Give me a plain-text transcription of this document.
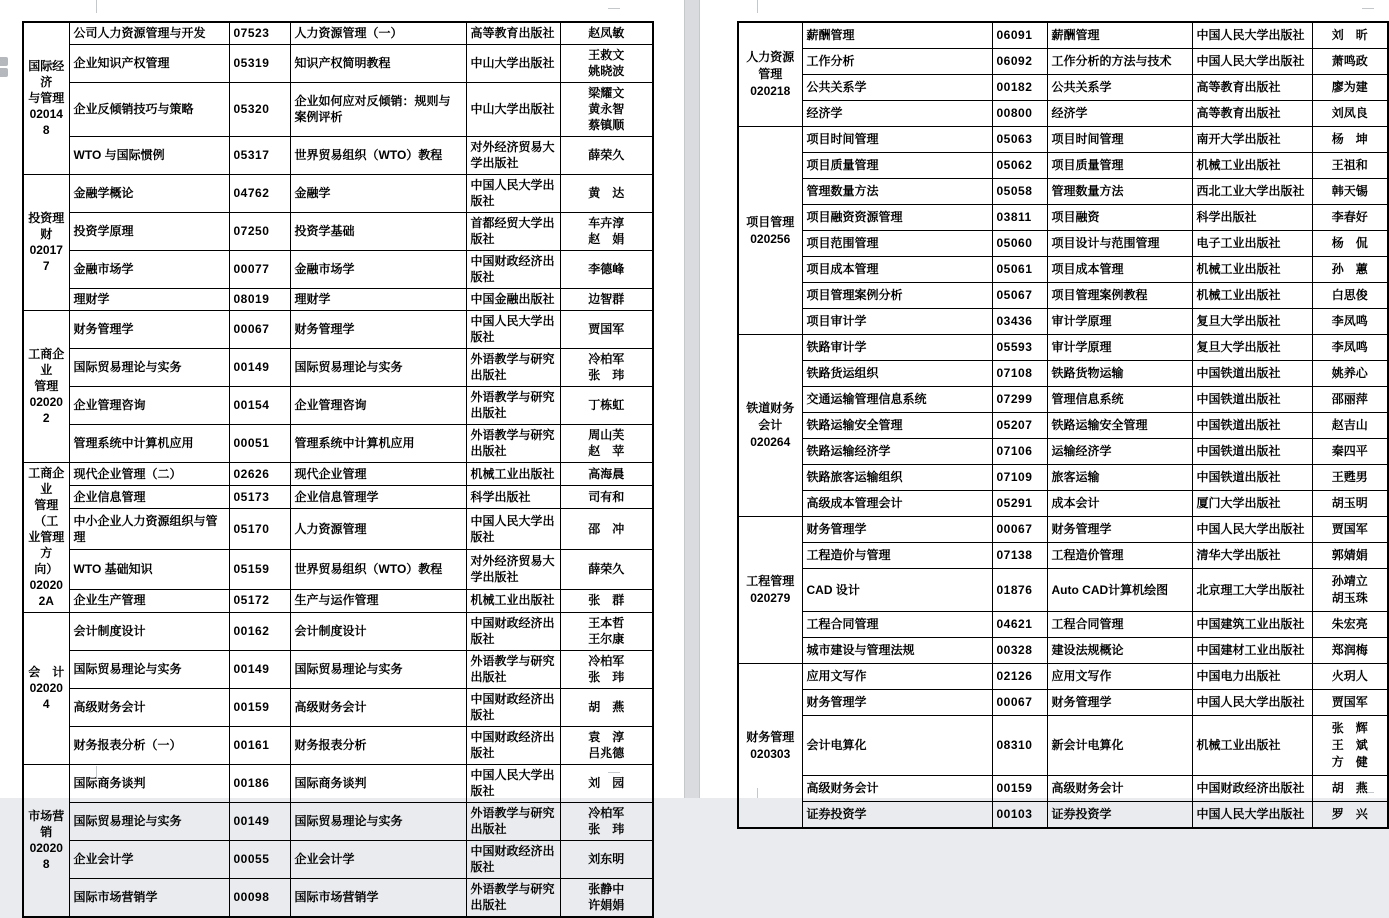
国际经济
与管理
020148	公司人力资源管理与开发	07523	人力资源管理（一）	高等教育出版社	赵凤敏

	企业知识产权管理	05319	知识产权简明教程	中山大学出版社	王救文
姚晓波

	企业反倾销技巧与策略	05320	企业如何应对反倾销：规则与案例评析	中山大学出版社	梁耀文
黄永智
蔡镇顺

	WTO 与国际惯例	05317	世界贸易组织（WTO）教程	对外经济贸易大学出版社	薛荣久

投资理财
020177	金融学概论	04762	金融学	中国人民大学出版社	黄　达

	投资学原理	07250	投资学基础	首都经贸大学出版社	车卉淳
赵　娟

	金融市场学	00077	金融市场学	中国财政经济出版社	李德峰

	理财学	08019	理财学	中国金融出版社	边智群

工商企业
管理
020202	财务管理学	00067	财务管理学	中国人民大学出版社	贾国军

	国际贸易理论与实务	00149	国际贸易理论与实务	外语教学与研究出版社	冷柏军
张　玮

	企业管理咨询	00154	企业管理咨询	外语教学与研究出版社	丁栋虹

	管理系统中计算机应用	00051	管理系统中计算机应用	外语教学与研究出版社	周山芙
赵　苹

工商企业
管理（工
业管理方
向）
020202A	现代企业管理（二）	02626	现代企业管理	机械工业出版社	高海晨

	企业信息管理	05173	企业信息管理学	科学出版社	司有和

	中小企业人力资源组织与管理	05170	人力资源管理	中国人民大学出版社	邵　冲

	WTO 基础知识	05159	世界贸易组织（WTO）教程	对外经济贸易大学出版社	薛荣久

	企业生产管理	05172	生产与运作管理	机械工业出版社	张　群

会　计
020204
	会计制度设计	00162	会计制度设计	中国财政经济出版社	
王本哲
王尔康

	国际贸易理论与实务	00149	国际贸易理论与实务	外语教学与研究出版社	冷柏军
张　玮

	高级财务会计	00159	高级财务会计	中国财政经济出版社	胡　燕

	财务报表分析（一）	00161	财务报表分析	中国财政经济出版社	袁　淳
吕兆德

市场营销
020208	国际商务谈判	00186	国际商务谈判	中国人民大学出版社	刘　园

	国际贸易理论与实务	00149	国际贸易理论与实务	外语教学与研究出版社	冷柏军
张　玮

	企业会计学	00055	企业会计学	中国财政经济出版社	刘东明

	国际市场营销学	00098	国际市场营销学	外语教学与研究出版社	张静中
许娟娟
人力资源
管理
020218	薪酬管理	06091	薪酬管理	中国人民大学出版社	刘　昕

	工作分析	06092	工作分析的方法与技术	中国人民大学出版社	萧鸣政

	公共关系学	00182	公共关系学	高等教育出版社	廖为建

	经济学	00800	经济学	高等教育出版社	刘凤良

项目管理
020256	项目时间管理	05063	项目时间管理	南开大学出版社	杨　坤

	项目质量管理	05062	项目质量管理	机械工业出版社	王祖和

	管理数量方法	05058	管理数量方法	西北工业大学出版社	韩天锡

	项目融资资源管理	03811	项目融资	科学出版社	李春好

	项目范围管理	05060	项目设计与范围管理	电子工业出版社	杨　侃

	项目成本管理	05061	项目成本管理	机械工业出版社	孙　蕙

	项目管理案例分析	05067	项目管理案例教程	机械工业出版社	白思俊

	项目审计学	03436	审计学原理	复旦大学出版社	李凤鸣

铁道财务
会计
020264	铁路审计学	05593	审计学原理	复旦大学出版社	李凤鸣

	铁路货运组织	07108	铁路货物运输	中国铁道出版社	姚养心

	交通运输管理信息系统	07299	管理信息系统	中国铁道出版社	邵丽萍

	铁路运输安全管理	05207	铁路运输安全管理	中国铁道出版社	赵吉山

	铁路运输经济学	07106	运输经济学	中国铁道出版社	秦四平

	铁路旅客运输组织	07109	旅客运输	中国铁道出版社	王甦男

	高级成本管理会计	05291	成本会计	厦门大学出版社	胡玉明

工程管理
020279	财务管理学	00067	财务管理学	中国人民大学出版社	贾国军

	工程造价与管理	07138	工程造价管理	清华大学出版社	郭婧娟

	CAD 设计	01876	Auto CAD计算机绘图	北京理工大学出版社	孙靖立
胡玉珠

	工程合同管理	04621	工程合同管理	中国建筑工业出版社	朱宏亮

	城市建设与管理法规	00328	建设法规概论	中国建材工业出版社	郑润梅

财务管理
020303	应用文写作	02126	应用文写作	中国电力出版社	火玥人

	财务管理学	00067	财务管理学	中国人民大学出版社	贾国军

	会计电算化	08310	新会计电算化	机械工业出版社	张　辉
王　斌
方　健

	高级财务会计	00159	高级财务会计	中国财政经济出版社	胡　燕

	证券投资学	00103	证券投资学	中国人民大学出版社	罗　兴
